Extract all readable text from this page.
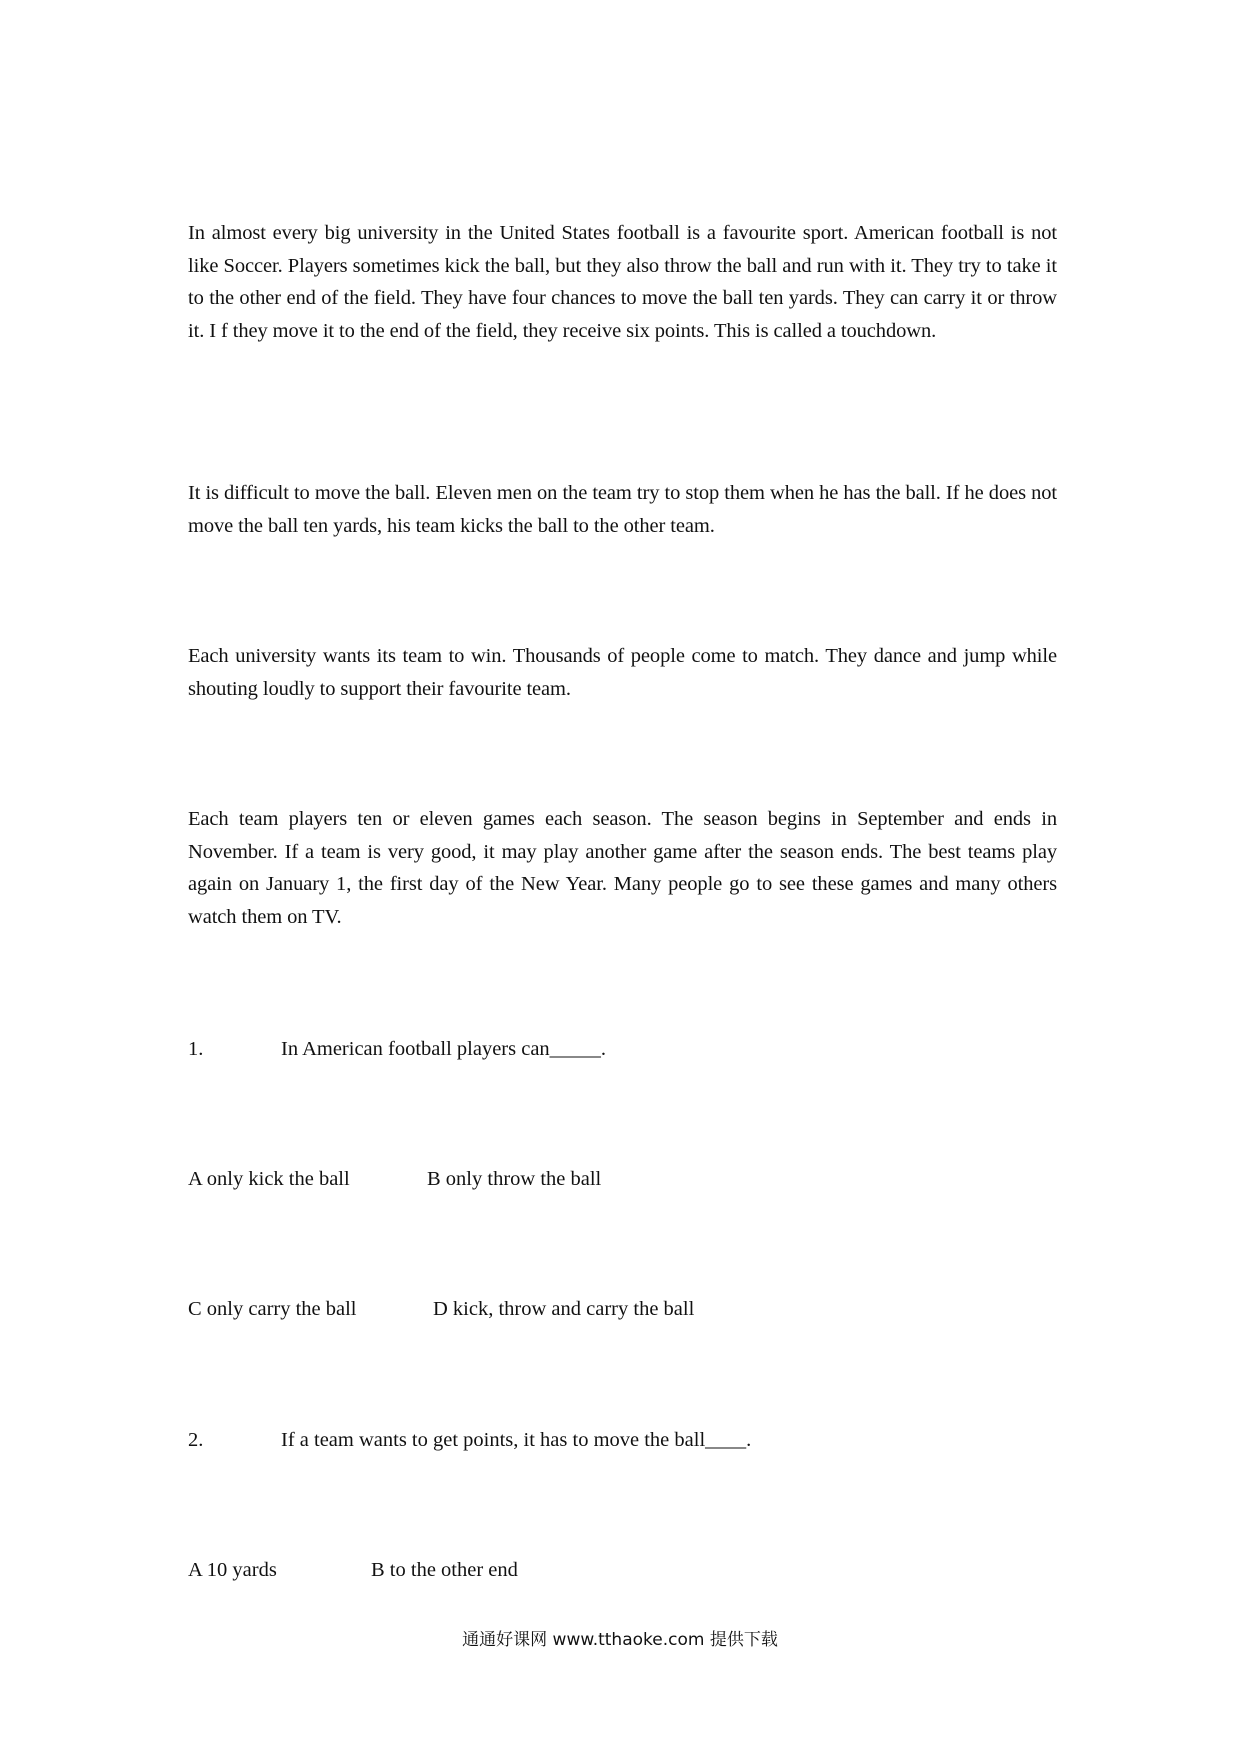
In almost every big university in the United States football is a favourite sport. American football is not like Soccer. Players sometimes kick the ball, but they also throw the ball and run with it. They try to take it to the other end of the field. They have four chances to move the ball ten yards. They can carry it or throw it. I f they move it to the end of the field, they receive six points. This is called a touchdown.

It is difficult to move the ball. Eleven men on the team try to stop them when he has the ball. If he does not move the ball ten yards, his team kicks the ball to the other team.

Each university wants its team to win. Thousands of people come to match. They dance and jump while shouting loudly to support their favourite team.

Each team players ten or eleven games each season. The season begins in September and ends in November. If a team is very good, it may play another game after the season ends. The best teams play again on January 1, the first day of the New Year. Many people go to see these games and many others watch them on TV.

1.	In American football players can_____.
A only kick the ball	B only throw the ball
C only carry the ball	D kick, throw and carry the ball
2.	If a team wants to get points, it has to move the ball____.
A 10 yards	B to the other end
通通好课网 www.tthaoke.com 提供下载
